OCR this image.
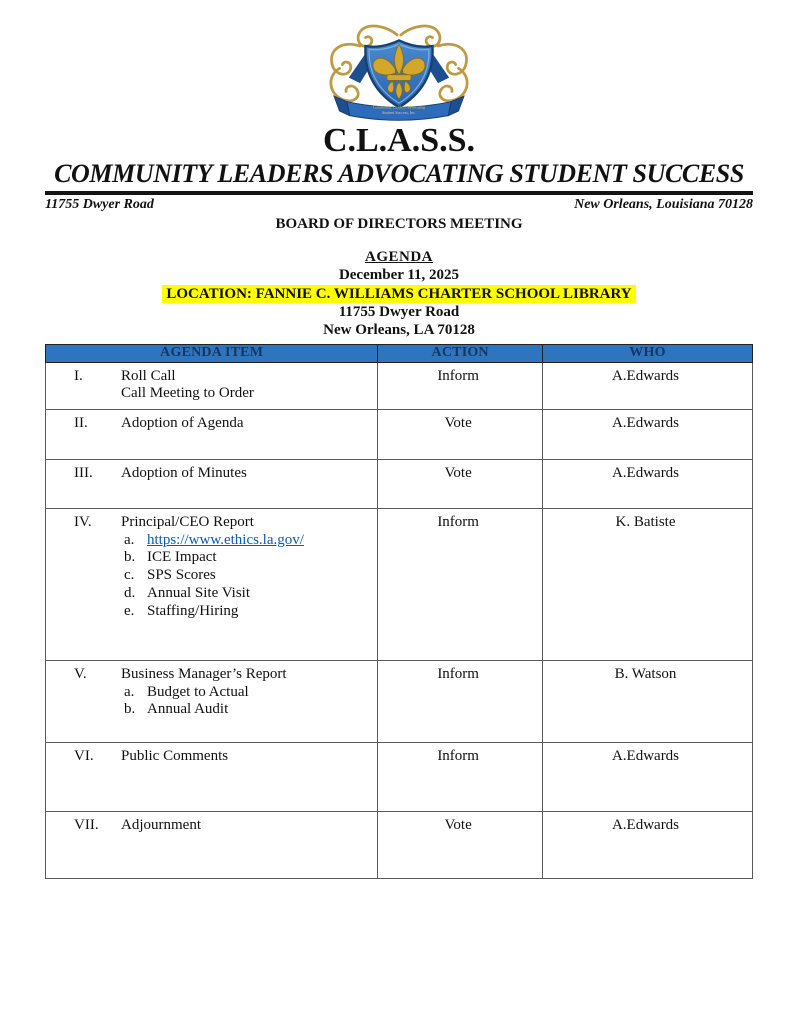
Community Leaders Advocating
Student Success, Inc.
C.L.A.S.S.
COMMUNITY LEADERS ADVOCATING STUDENT SUCCESS
11755 Dwyer Road	New Orleans, Louisiana 70128
BOARD OF DIRECTORS MEETING
AGENDA
December 11, 2025
LOCATION: FANNIE C. WILLIAMS CHARTER SCHOOL LIBRARY
11755 Dwyer Road
New Orleans, LA 70128
AGENDA ITEM	ACTION	WHO

I. Roll Call
Call Meeting to Order	Inform	A.Edwards

II. Adoption of Agenda	Vote	A.Edwards

III. Adoption of Minutes	Vote	A.Edwards

IV.	Principal/CEO Report
a. https://www.ethics.la.gov/
b. ICE Impact
c. SPS Scores
d. Annual Site Visit
e. Staffing/Hiring
	Inform	K. Batiste

V.	Business Manager’s Report
a. Budget to Actual
b. Annual Audit
	Inform	B. Watson

VI. Public Comments	Inform	A.Edwards

VII. Adjournment	Vote	A.Edwards
